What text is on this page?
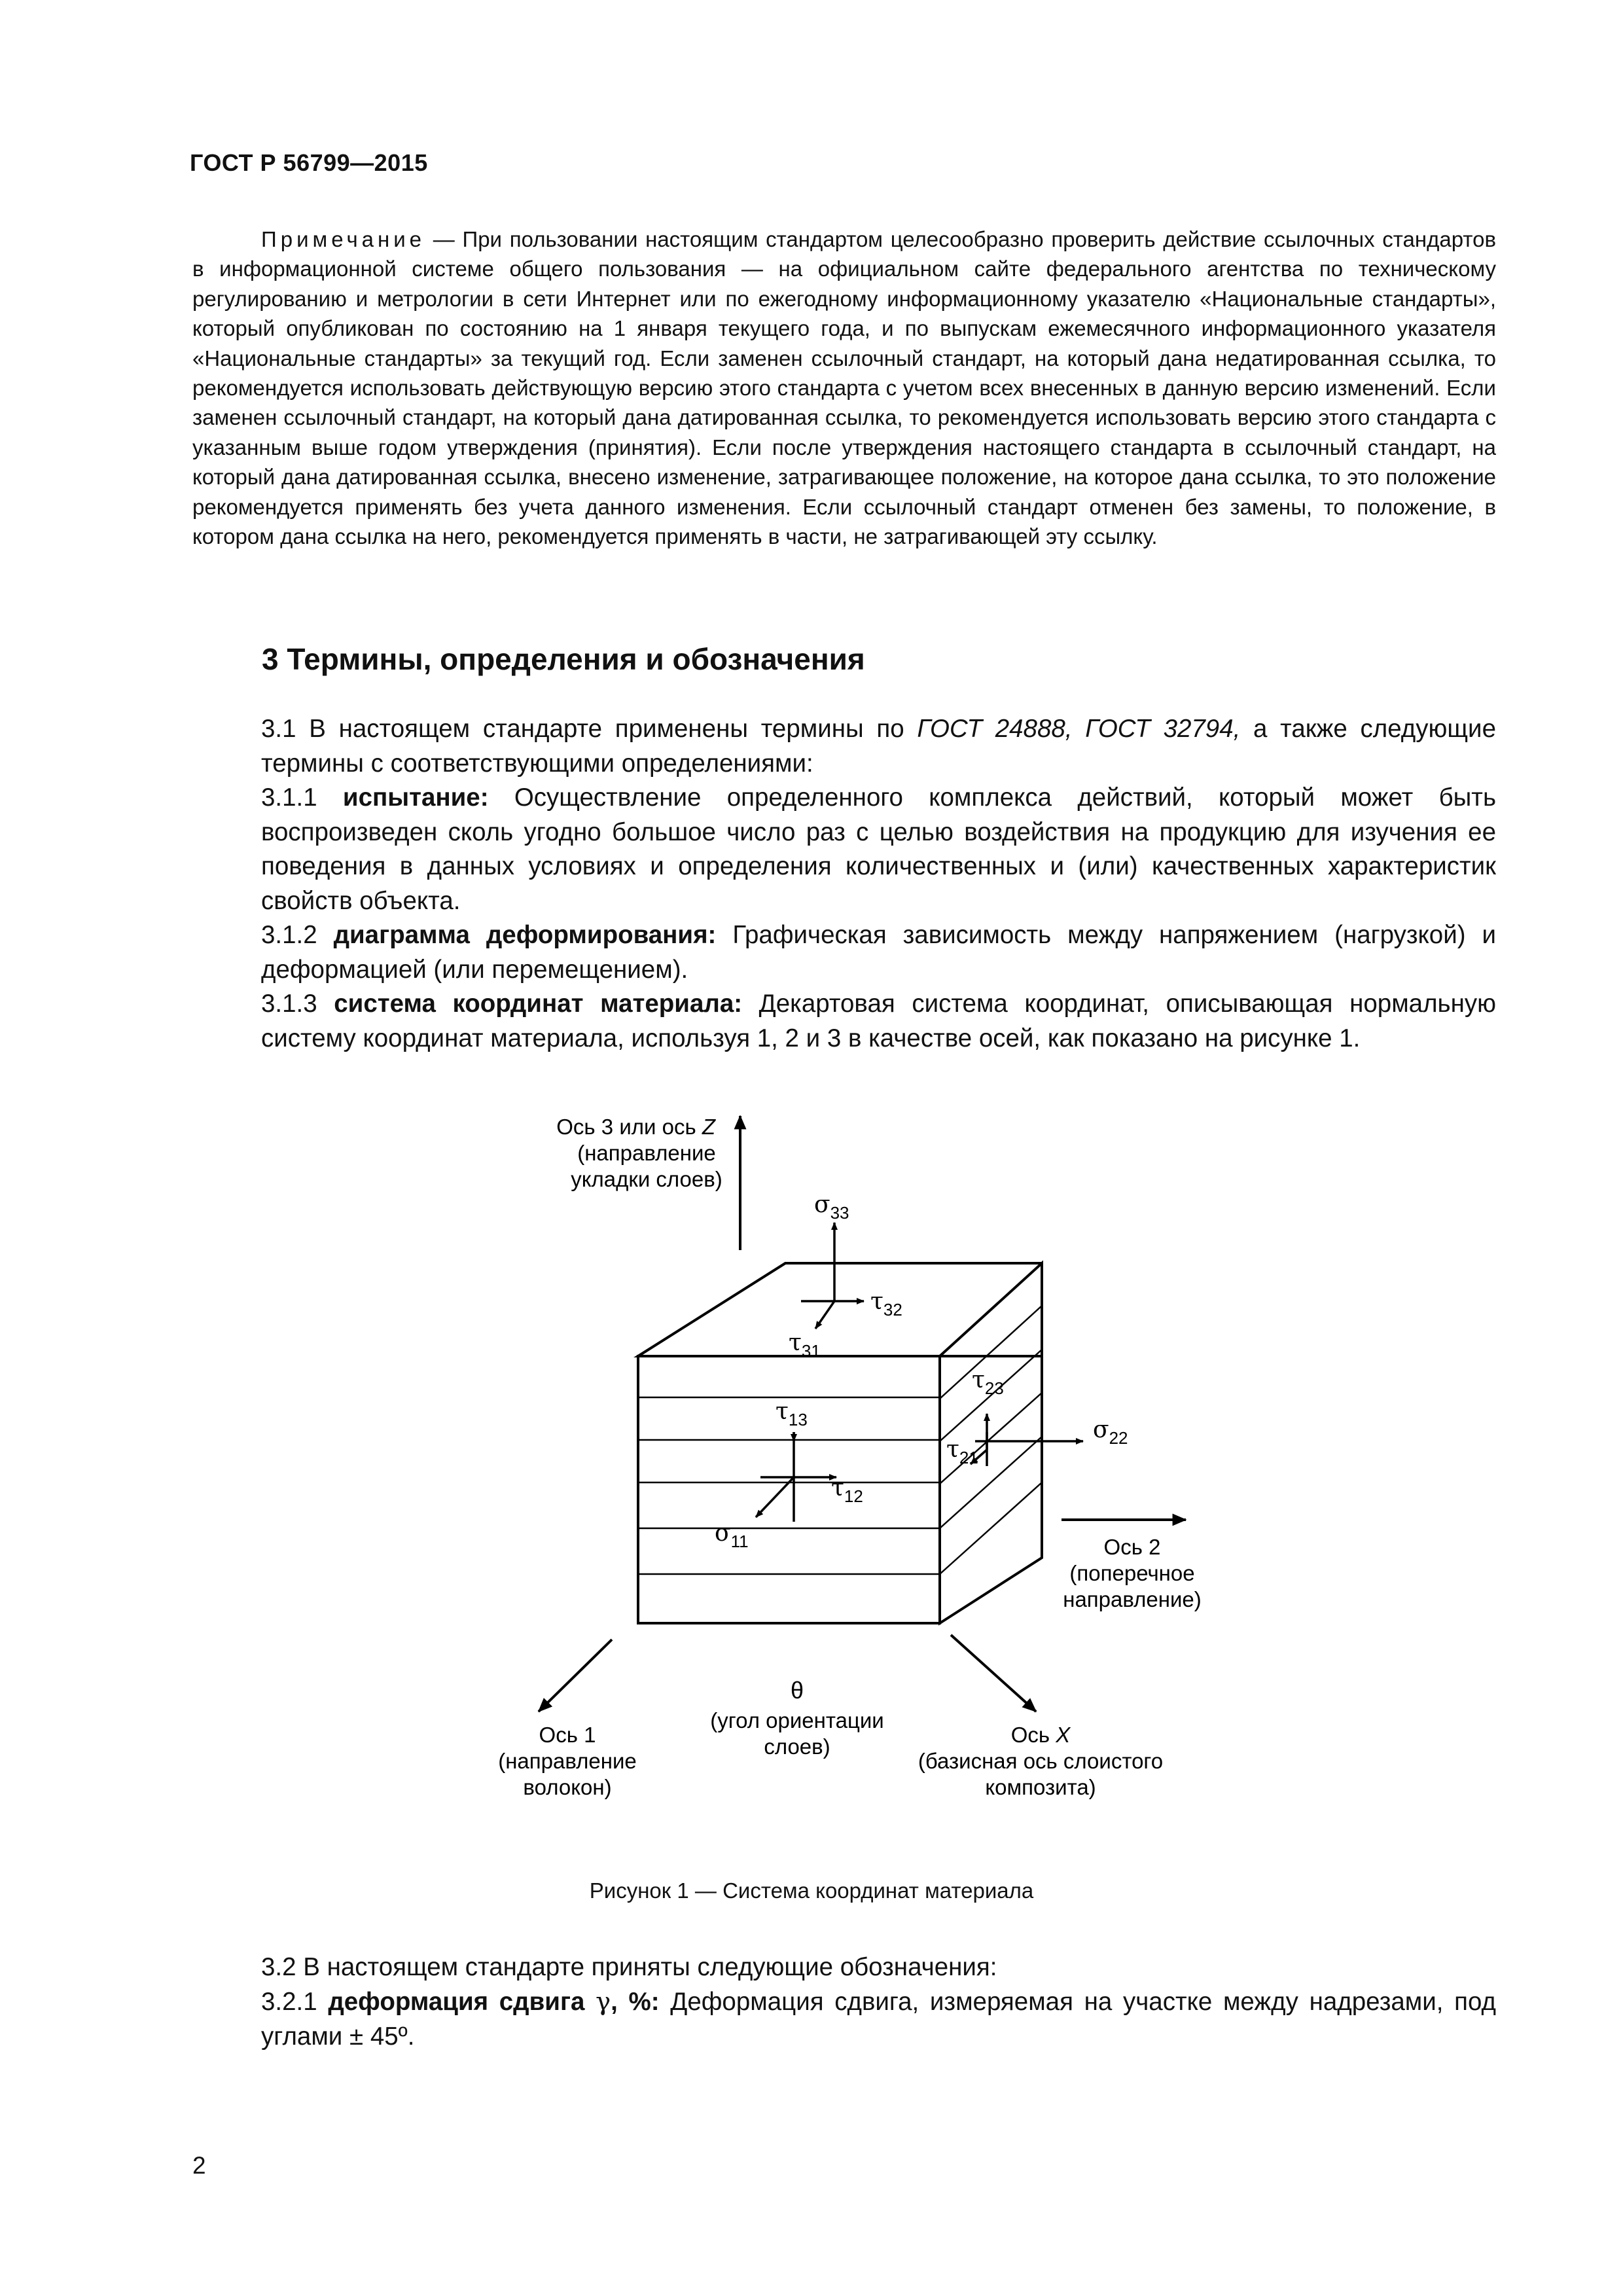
ГОСТ Р 56799—2015
Примечание — При пользовании настоящим стандартом целесообразно проверить действие ссылочных стандартов в информационной системе общего пользования — на официальном сайте федерального агентства по техническому регулированию и метрологии в сети Интернет или по ежегодному информационному указателю «Национальные стандарты», который опубликован по состоянию на 1 января текущего года, и по выпускам ежемесячного информационного указателя «Национальные стандарты» за текущий год. Если заменен ссылочный стандарт, на который дана недатированная ссылка, то рекомендуется использовать действующую версию этого стандарта с учетом всех внесенных в данную версию изменений. Если заменен ссылочный стандарт, на который дана датированная ссылка, то рекомендуется использовать версию этого стандарта с указанным выше годом утверждения (принятия). Если после утверждения настоящего стандарта в ссылочный стандарт, на который дана датированная ссылка, внесено изменение, затрагивающее положение, на которое дана ссылка, то это положение рекомендуется применять без учета данного изменения. Если ссылочный стандарт отменен без замены, то положение, в котором дана ссылка на него, рекомендуется применять в части, не затрагивающей эту ссылку.
3 Термины, определения и обозначения
3.1 В настоящем стандарте применены термины по ГОСТ 24888, ГОСТ 32794, а также следующие термины с соответствующими определениями:
3.1.1 испытание: Осуществление определенного комплекса действий, который может быть воспроизведен сколь угодно большое число раз с целью воздействия на продукцию для изучения ее поведения в данных условиях и определения количественных и (или) качественных характеристик свойств объекта.
3.1.2 диаграмма деформирования: Графическая зависимость между напряжением (нагрузкой) и деформацией (или перемещением).
3.1.3 система координат материала: Декартовая система координат, описывающая нормальную систему координат материала, используя 1, 2 и 3 в качестве осей, как показано на рисунке 1.
Ось 3 или ось Z
(направление
укладки слоев)
Ось 2
(поперечное
направление)
Ось 1
(направление
волокон)
Ось X
(базисная ось слоистого
композита)
θ
(угол ориентации
слоев)
$\sigma_{33}$
$\tau_{32}$
$\tau_{31}$
$\tau_{23}$
$\sigma_{22}$
$\tau_{21}$
$\tau_{13}$
$\tau_{12}$
$\sigma_{11}$
Рисунок 1 — Система координат материала
3.2 В настоящем стандарте приняты следующие обозначения:
3.2.1 деформация сдвига γ, %: Деформация сдвига, измеряемая на участке между надрезами, под углами ± 45º.
2
